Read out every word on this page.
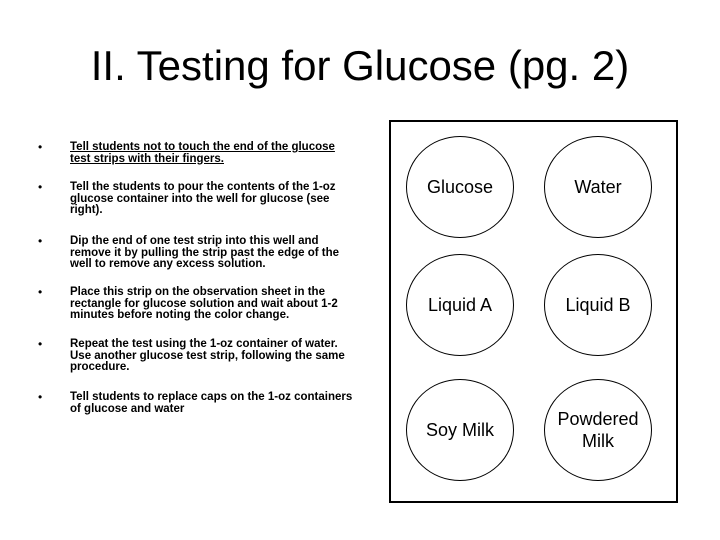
II. Testing for Glucose (pg. 2)
• Tell students not to touch the end of the glucose test strips with their fingers.
• Tell the students to pour the contents of the 1-oz glucose container into the well for glucose (see right).
• Dip the end of one test strip into this well and remove it by pulling the strip past the edge of the well to remove any excess solution.
• Place this strip on the observation sheet in the rectangle for glucose solution and wait about 1-2 minutes before noting the color change.
• Repeat the test using the 1-oz container of water. Use another glucose test strip, following the same procedure.
• Tell students to replace caps on the 1-oz containers of glucose and water
Glucose	Water
Liquid A	Liquid B
Soy Milk
Powdered Milk
